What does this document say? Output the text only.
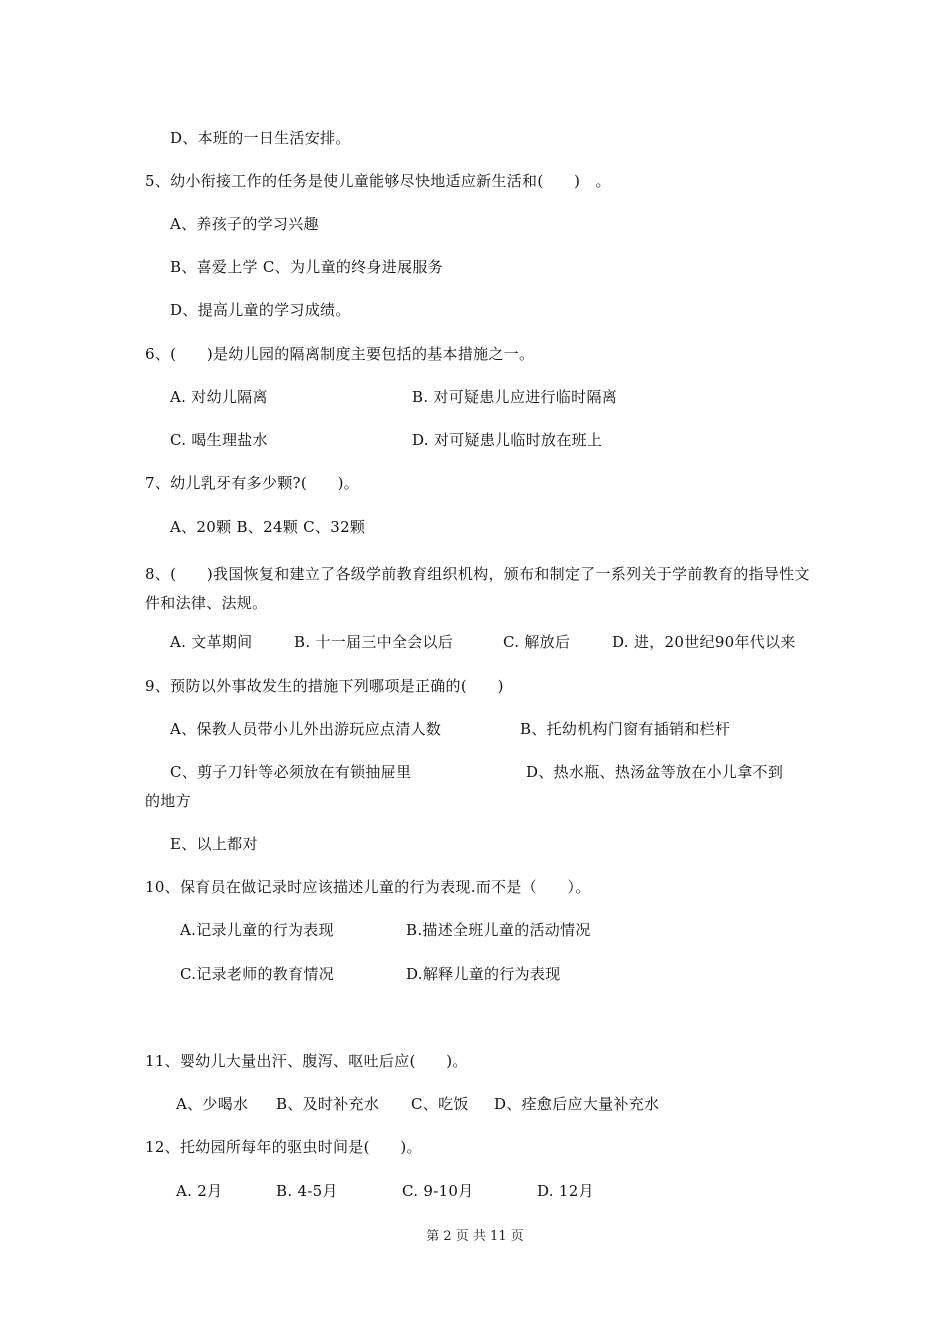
D、本班的一日生活安排。
5、幼小衔接工作的任务是使儿童能够尽快地适应新生活和(　　)　。
A、养孩子的学习兴趣
B、喜爱上学 C、为儿童的终身进展服务
D、提高儿童的学习成绩。
6、(　　)是幼儿园的隔离制度主要包括的基本措施之一。
A. 对幼儿隔离	B. 对可疑患儿应进行临时隔离
C. 喝生理盐水	D. 对可疑患儿临时放在班上
7、幼儿乳牙有多少颗?(　　)。
A、20颗 B、24颗 C、32颗
8、(　　)我国恢复和建立了各级学前教育组织机构，颁布和制定了一系列关于学前教育的指导性文件和法律、法规。
A. 文革期间	B. 十一届三中全会以后	C. 解放后	D. 进，20世纪90年代以来
9、预防以外事故发生的措施下列哪项是正确的(　　)
A、保教人员带小儿外出游玩应点清人数	B、托幼机构门窗有插销和栏杆
C、剪子刀针等必须放在有锁抽屉里	D、热水瓶、热汤盆等放在小儿拿不到
的地方
E、以上都对
10、保育员在做记录时应该描述儿童的行为表现.而不是（　　）。
A.记录儿童的行为表现	B.描述全班儿童的活动情况
C.记录老师的教育情况	D.解释儿童的行为表现
11、婴幼儿大量出汗、腹泻、呕吐后应(　　)。
A、少喝水 B、及时补充水 C、吃饭 D、痊愈后应大量补充水
12、托幼园所每年的驱虫时间是(　　)。
A. 2月	B. 4-5月	C. 9-10月	D. 12月
第 2 页 共 11 页
